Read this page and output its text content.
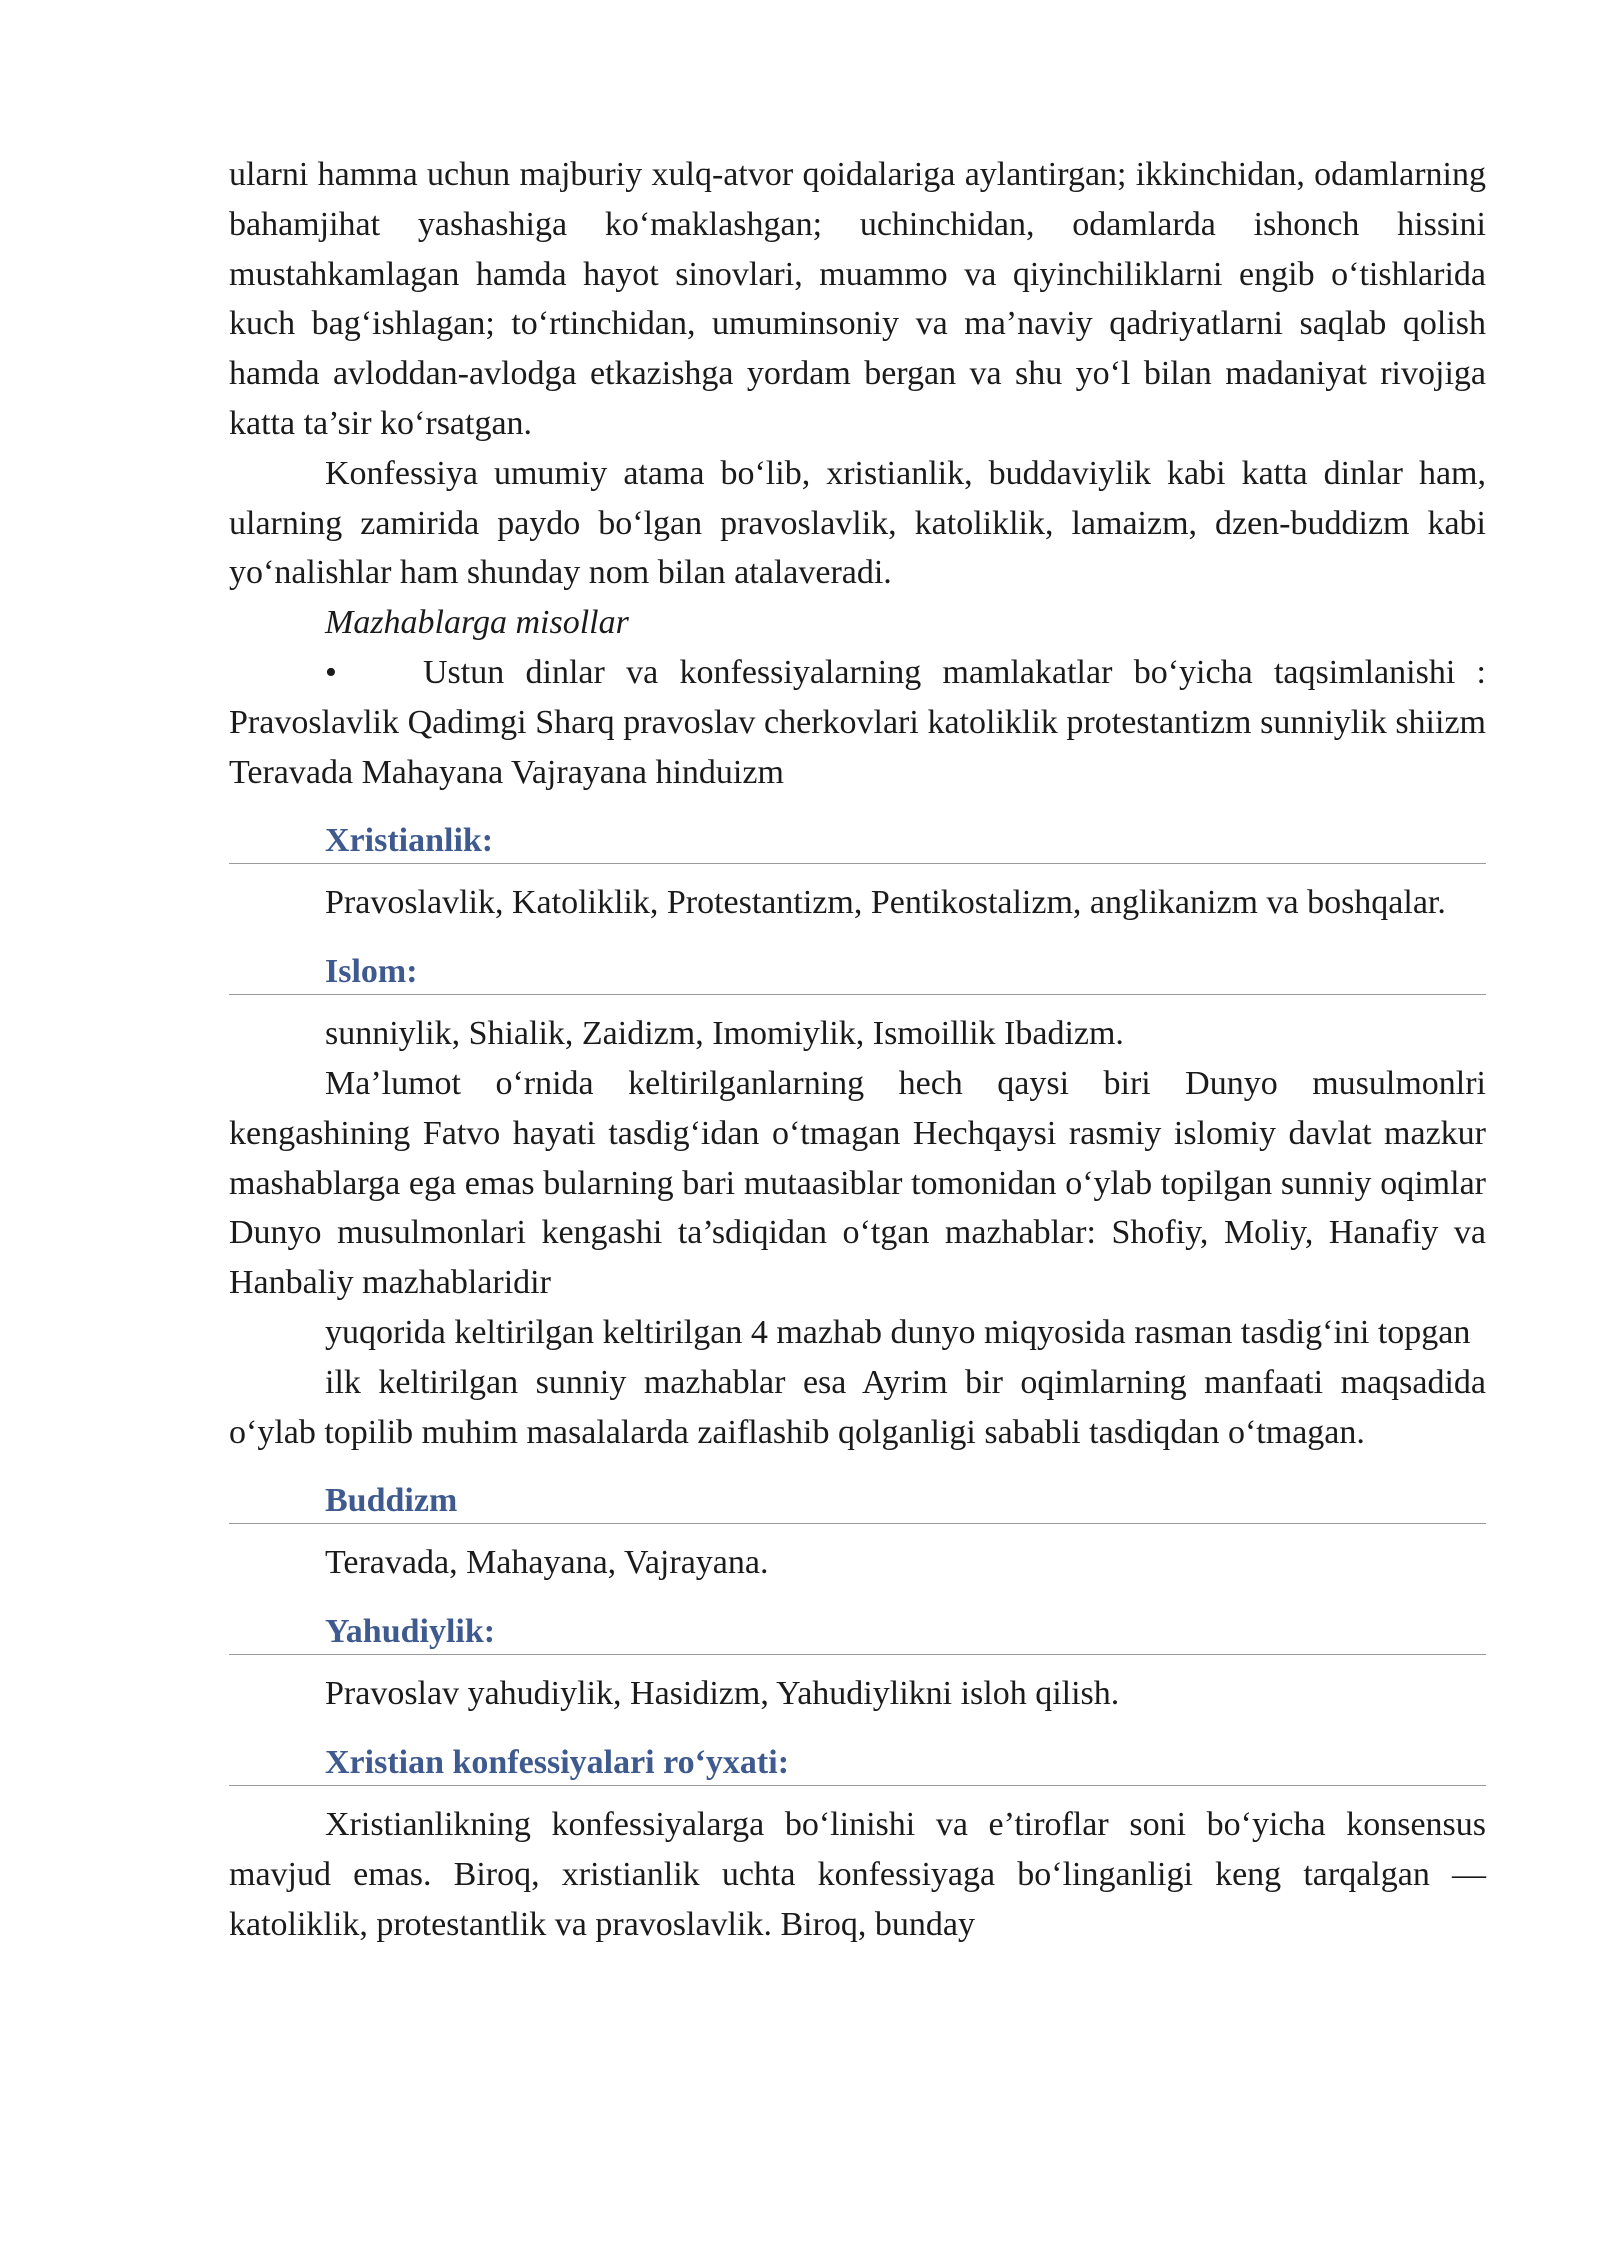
ularni hamma uchun majburiy xulq-atvor qoidalariga aylantirgan; ikkinchidan, odamlarning bahamjihat yashashiga ko‘maklashgan; uchinchidan, odamlarda ishonch hissini mustahkamlagan hamda hayot sinovlari, muammo va qiyinchiliklarni engib o‘tishlarida kuch bag‘ishlagan; to‘rtinchidan, umuminsoniy va ma’naviy qadriyatlarni saqlab qolish hamda avloddan-avlodga etkazishga yordam bergan va shu yo‘l bilan madaniyat rivojiga katta ta’sir ko‘rsatgan.

Konfessiya umumiy atama bo‘lib, xristianlik, buddaviylik kabi katta dinlar ham, ularning zamirida paydo bo‘lgan pravoslavlik, katoliklik, lamaizm, dzen-buddizm kabi yo‘nalishlar ham shunday nom bilan atalaveradi.

Mazhablarga misollar

•	Ustun dinlar va konfessiyalarning mamlakatlar bo‘yicha taqsimlanishi : Pravoslavlik Qadimgi Sharq pravoslav cherkovlari katoliklik protestantizm sunniylik shiizm Teravada Mahayana Vajrayana hinduizm

Xristianlik:

Pravoslavlik, Katoliklik, Protestantizm, Pentikostalizm, anglikanizm va boshqalar.

Islom:

sunniylik, Shialik, Zaidizm, Imomiylik, Ismoillik Ibadizm.

Ma’lumot o‘rnida keltirilganlarning hech qaysi biri Dunyo musulmonlri kengashining Fatvo hayati tasdig‘idan o‘tmagan Hechqaysi rasmiy islomiy davlat mazkur mashablarga ega emas bularning bari mutaasiblar tomonidan o‘ylab topilgan sunniy oqimlar Dunyo musulmonlari kengashi ta’sdiqidan o‘tgan mazhablar: Shofiy, Moliy, Hanafiy va Hanbaliy mazhablaridir

yuqorida keltirilgan keltirilgan 4 mazhab dunyo miqyosida rasman tasdig‘ini topgan

ilk keltirilgan sunniy mazhablar esa Ayrim bir oqimlarning manfaati maqsadida o‘ylab topilib muhim masalalarda zaiflashib qolganligi sababli tasdiqdan o‘tmagan.

Buddizm

Teravada, Mahayana, Vajrayana.

Yahudiylik:

Pravoslav yahudiylik, Hasidizm, Yahudiylikni isloh qilish.

Xristian konfessiyalari ro‘yxati:

Xristianlikning konfessiyalarga bo‘linishi va e’tiroflar soni bo‘yicha konsensus mavjud emas. Biroq, xristianlik uchta konfessiyaga bo‘linganligi keng tarqalgan — katoliklik, protestantlik va pravoslavlik. Biroq, bunday
